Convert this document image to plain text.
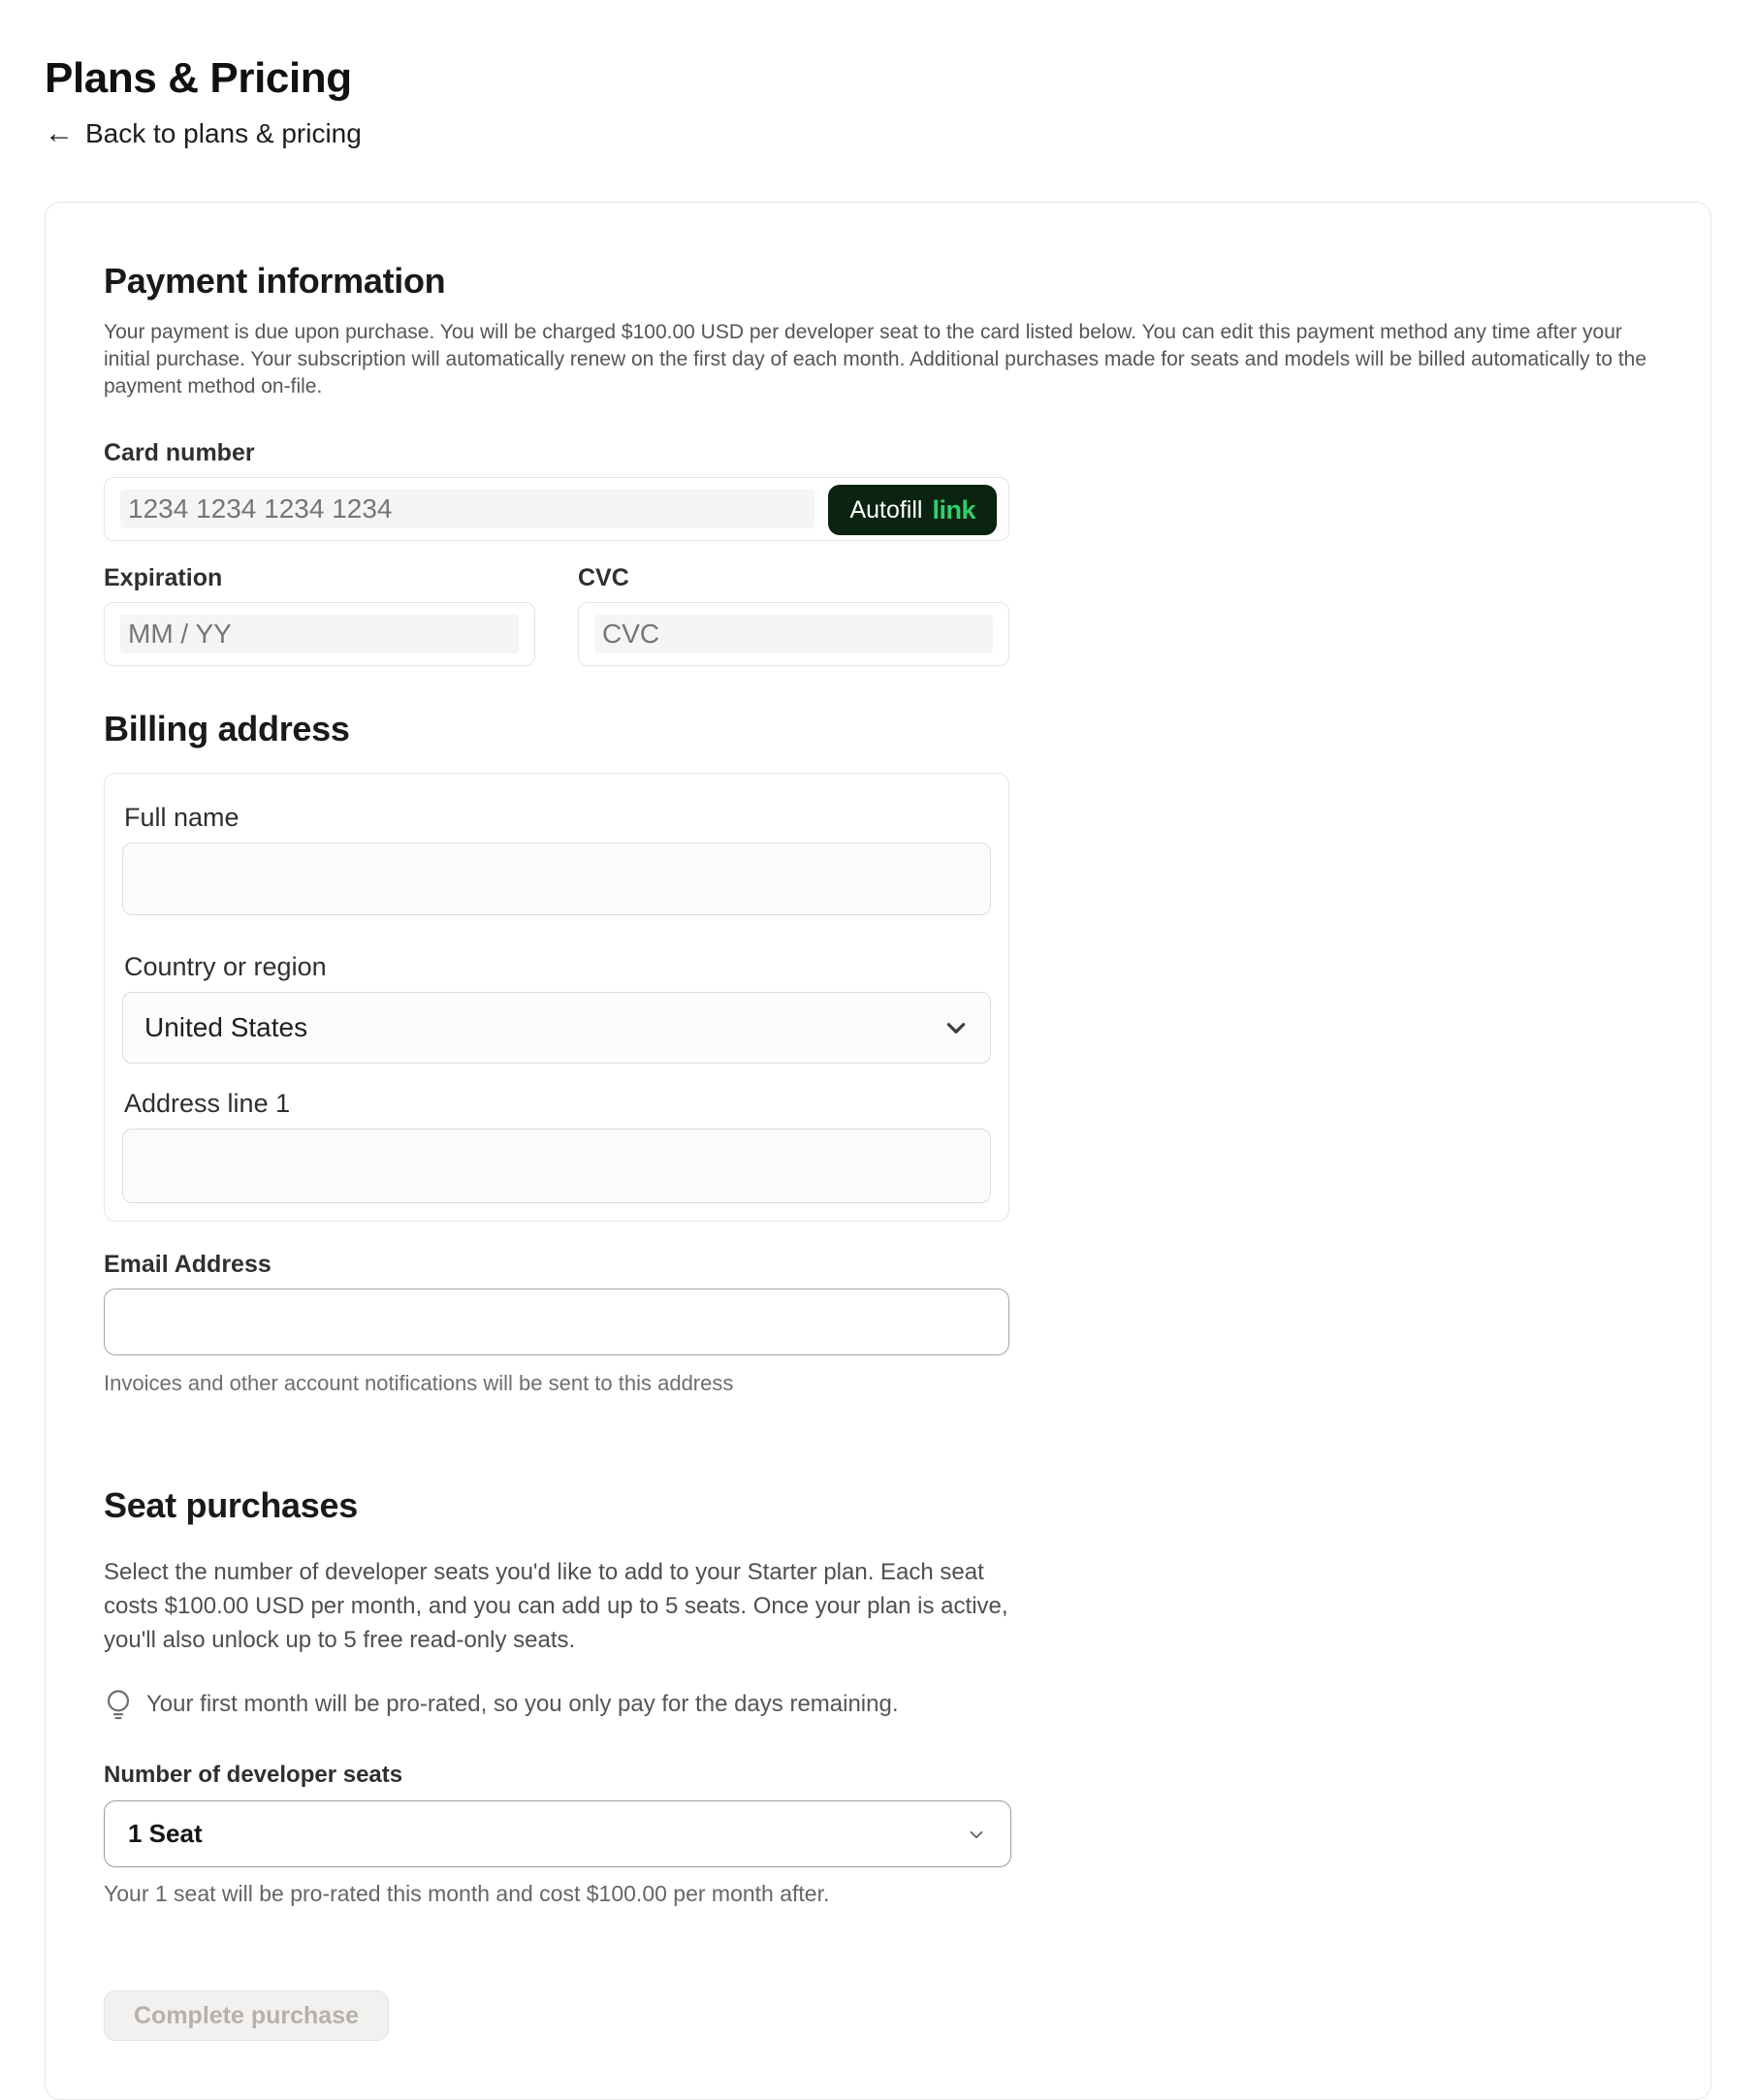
Plans & Pricing
← Back to plans & pricing
Payment information
Your payment is due upon purchase. You will be charged $100.00 USD per developer seat to the card listed below. You can edit this payment method any time after your initial purchase. Your subscription will automatically renew on the first day of each month. Additional purchases made for seats and models will be billed automatically to the payment method on-file.
Card number
1234 1234 1234 1234	Autofill link
Expiration
MM / YY
CVC
CVC
Billing address
Full name
Country or region
United States
Address line 1
Email Address
Invoices and other account notifications will be sent to this address
Seat purchases
Select the number of developer seats you'd like to add to your Starter plan. Each seat costs $100.00 USD per month, and you can add up to 5 seats. Once your plan is active, you'll also unlock up to 5 free read-only seats.
Your first month will be pro-rated, so you only pay for the days remaining.
Number of developer seats
1 Seat
Your 1 seat will be pro-rated this month and cost $100.00 per month after.
Complete purchase
